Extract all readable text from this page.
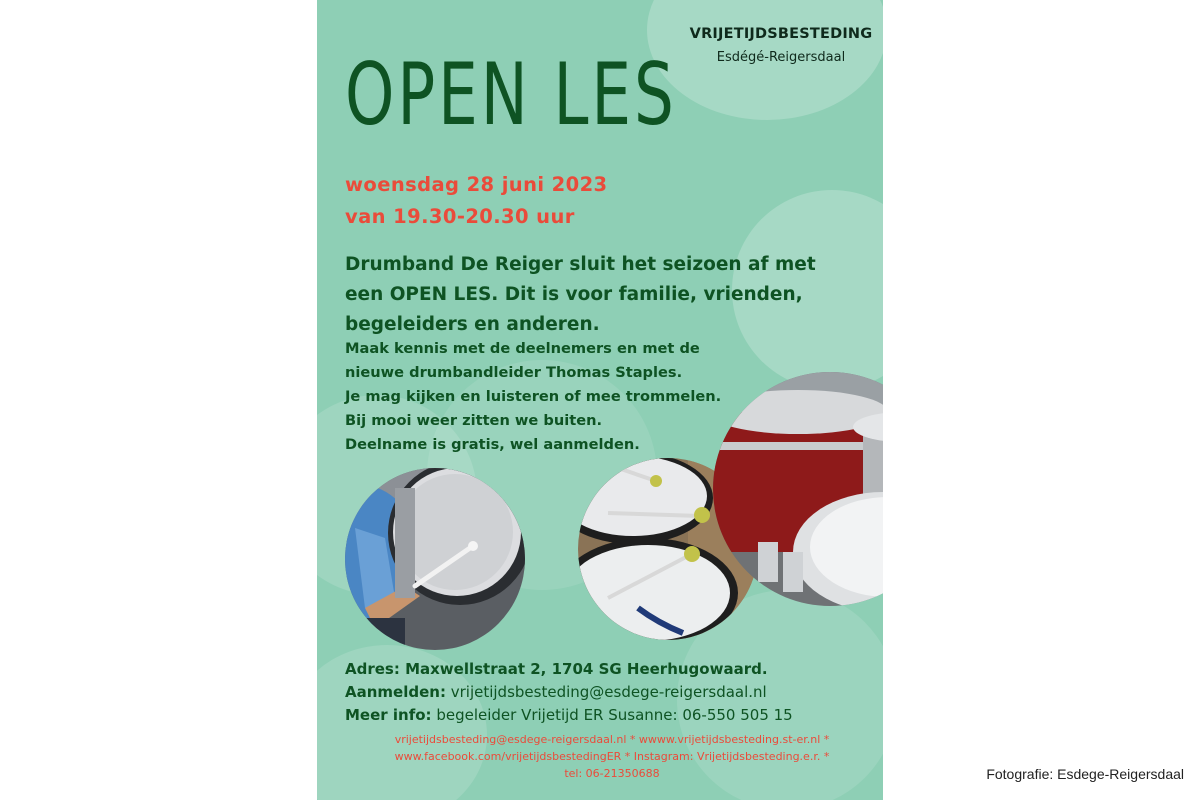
VRIJETIJDSBESTEDING
Esdégé-Reigersdaal
OPEN LES
woensdag 28 juni 2023
van 19.30-20.30 uur
Drumband De Reiger sluit het seizoen af met
een OPEN LES. Dit is voor familie, vrienden,
begeleiders en anderen.
Maak kennis met de deelnemers en met de
nieuwe drumbandleider Thomas Staples.
Je mag kijken en luisteren of mee trommelen.
Bij mooi weer zitten we buiten.
Deelname is gratis, wel aanmelden.
Adres: Maxwellstraat 2, 1704 SG Heerhugowaard.
Aanmelden: vrijetijdsbesteding@esdege-reigersdaal.nl
Meer info: begeleider Vrijetijd ER Susanne: 06-550 505 15
vrijetijdsbesteding@esdege-reigersdaal.nl * wwww.vrijetijdsbesteding.st-er.nl *
www.facebook.com/vrijetijdsbestedingER * Instagram: Vrijetijdsbesteding.e.r. *
tel: 06-21350688	Fotografie: Esdege-Reigersdaal
